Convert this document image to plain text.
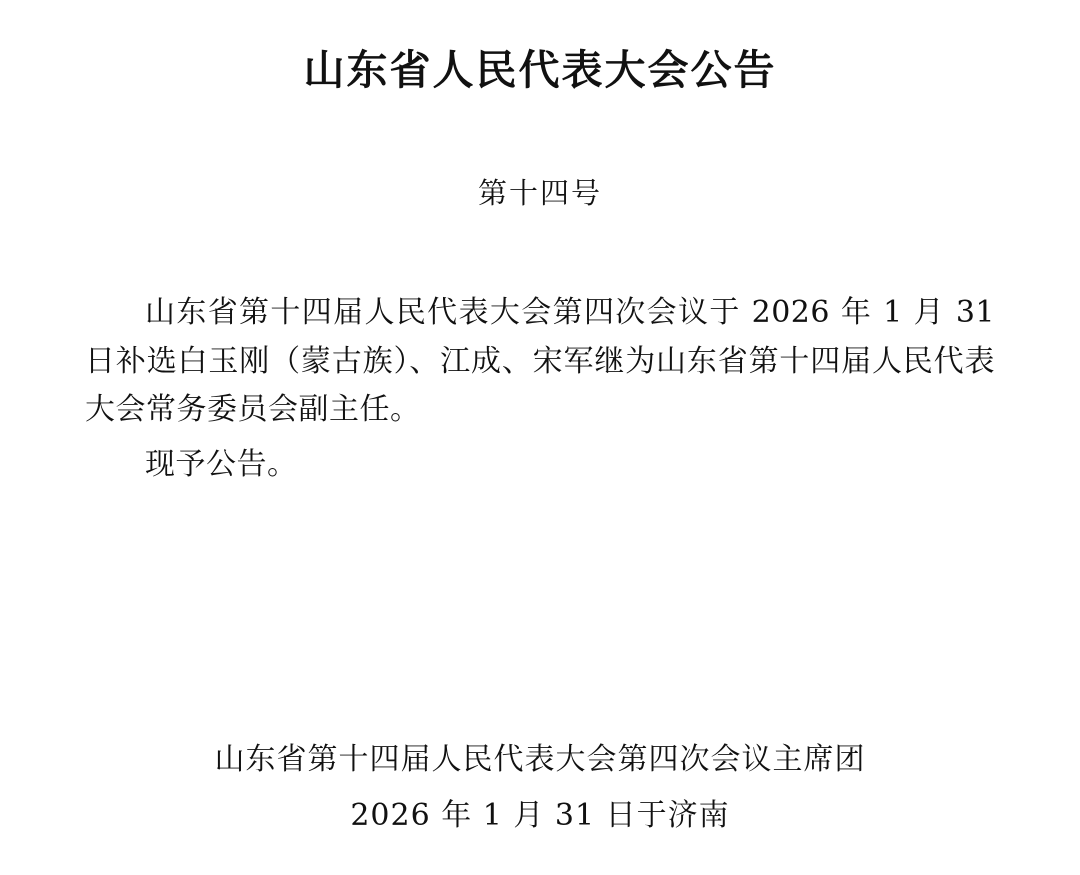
山东省人民代表大会公告

第十四号

山东省第十四届人民代表大会第四次会议于 2026 年 1 月 31 日补选白玉刚（蒙古族）、江成、宋军继为山东省第十四届人民代表大会常务委员会副主任。

现予公告。

山东省第十四届人民代表大会第四次会议主席团

2026 年 1 月 31 日于济南
